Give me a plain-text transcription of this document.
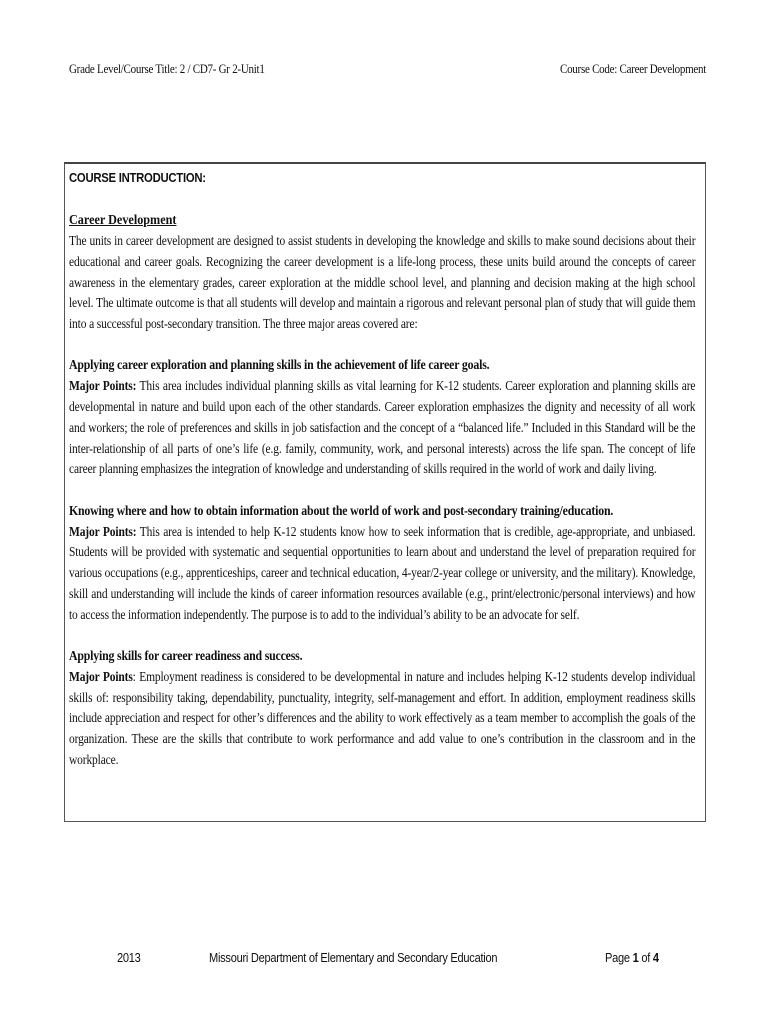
Grade Level/Course Title: 2 / CD7- Gr 2-Unit1	Course Code: Career Development
COURSE INTRODUCTION:
Career Development

The units in career development are designed to assist students in developing the knowledge and skills to make sound decisions about their educational and career goals. Recognizing the career development is a life-long process, these units build around the concepts of career awareness in the elementary grades, career exploration at the middle school level, and planning and decision making at the high school level. The ultimate outcome is that all students will develop and maintain a rigorous and relevant personal plan of study that will guide them into a successful post-secondary transition. The three major areas covered are:

Applying career exploration and planning skills in the achievement of life career goals.

Major Points: This area includes individual planning skills as vital learning for K-12 students. Career exploration and planning skills are developmental in nature and build upon each of the other standards. Career exploration emphasizes the dignity and necessity of all work and workers; the role of preferences and skills in job satisfaction and the concept of a “balanced life.” Included in this Standard will be the inter-relationship of all parts of one’s life (e.g. family, community, work, and personal interests) across the life span. The concept of life career planning emphasizes the integration of knowledge and understanding of skills required in the world of work and daily living.

Knowing where and how to obtain information about the world of work and post-secondary training/education.

Major Points: This area is intended to help K-12 students know how to seek information that is credible, age-appropriate, and unbiased. Students will be provided with systematic and sequential opportunities to learn about and understand the level of preparation required for various occupations (e.g., apprenticeships, career and technical education, 4-year/2-year college or university, and the military). Knowledge, skill and understanding will include the kinds of career information resources available (e.g., print/electronic/personal interviews) and how to access the information independently. The purpose is to add to the individual’s ability to be an advocate for self.

Applying skills for career readiness and success.

Major Points: Employment readiness is considered to be developmental in nature and includes helping K-12 students develop individual skills of: responsibility taking, dependability, punctuality, integrity, self-management and effort. In addition, employment readiness skills include appreciation and respect for other’s differences and the ability to work effectively as a team member to accomplish the goals of the organization. These are the skills that contribute to work performance and add value to one’s contribution in the classroom and in the workplace.

2013	Missouri Department of Elementary and Secondary Education	Page 1 of 4
